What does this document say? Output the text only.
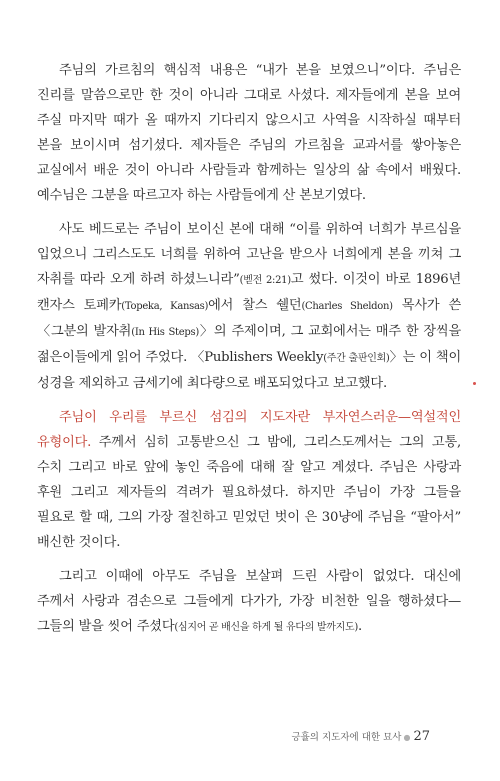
주님의 가르침의 핵심적 내용은 “내가 본을 보였으니”이다. 주님은 진리를 말씀으로만 한 것이 아니라 그대로 사셨다. 제자들에게 본을 보여 주실 마지막 때가 올 때까지 기다리지 않으시고 사역을 시작하실 때부터 본을 보이시며 섬기셨다. 제자들은 주님의 가르침을 교과서를 쌓아놓은 교실에서 배운 것이 아니라 사람들과 함께하는 일상의 삶 속에서 배웠다. 예수님은 그분을 따르고자 하는 사람들에게 산 본보기였다.

사도 베드로는 주님이 보이신 본에 대해 “이를 위하여 너희가 부르심을 입었으니 그리스도도 너희를 위하여 고난을 받으사 너희에게 본을 끼쳐 그 자취를 따라 오게 하려 하셨느니라”(벧전 2:21)고 썼다. 이것이 바로 1896년 캔자스 토페카(Topeka, Kansas)에서 찰스 쉘던(Charles Sheldon) 목사가 쓴 〈그분의 발자취(In His Steps)〉의 주제이며, 그 교회에서는 매주 한 장씩을 젊은이들에게 읽어 주었다. 〈Publishers Weekly(주간 출판인회)〉는 이 책이 성경을 제외하고 금세기에 최다량으로 배포되었다고 보고했다.

주님이 우리를 부르신 섬김의 지도자란 부자연스러운—역설적인 유형이다. 주께서 심히 고통받으신 그 밤에, 그리스도께서는 그의 고통, 수치 그리고 바로 앞에 놓인 죽음에 대해 잘 알고 계셨다. 주님은 사랑과 후원 그리고 제자들의 격려가 필요하셨다. 하지만 주님이 가장 그들을 필요로 할 때, 그의 가장 절친하고 믿었던 벗이 은 30냥에 주님을 “팔아서” 배신한 것이다.

그리고 이때에 아무도 주님을 보살펴 드린 사람이 없었다. 대신에 주께서 사랑과 겸손으로 그들에게 다가가, 가장 비천한 일을 행하셨다—그들의 발을 씻어 주셨다(심지어 곧 배신을 하게 될 유다의 발까지도).

긍휼의 지도자에 대한 묘사 ● 27
